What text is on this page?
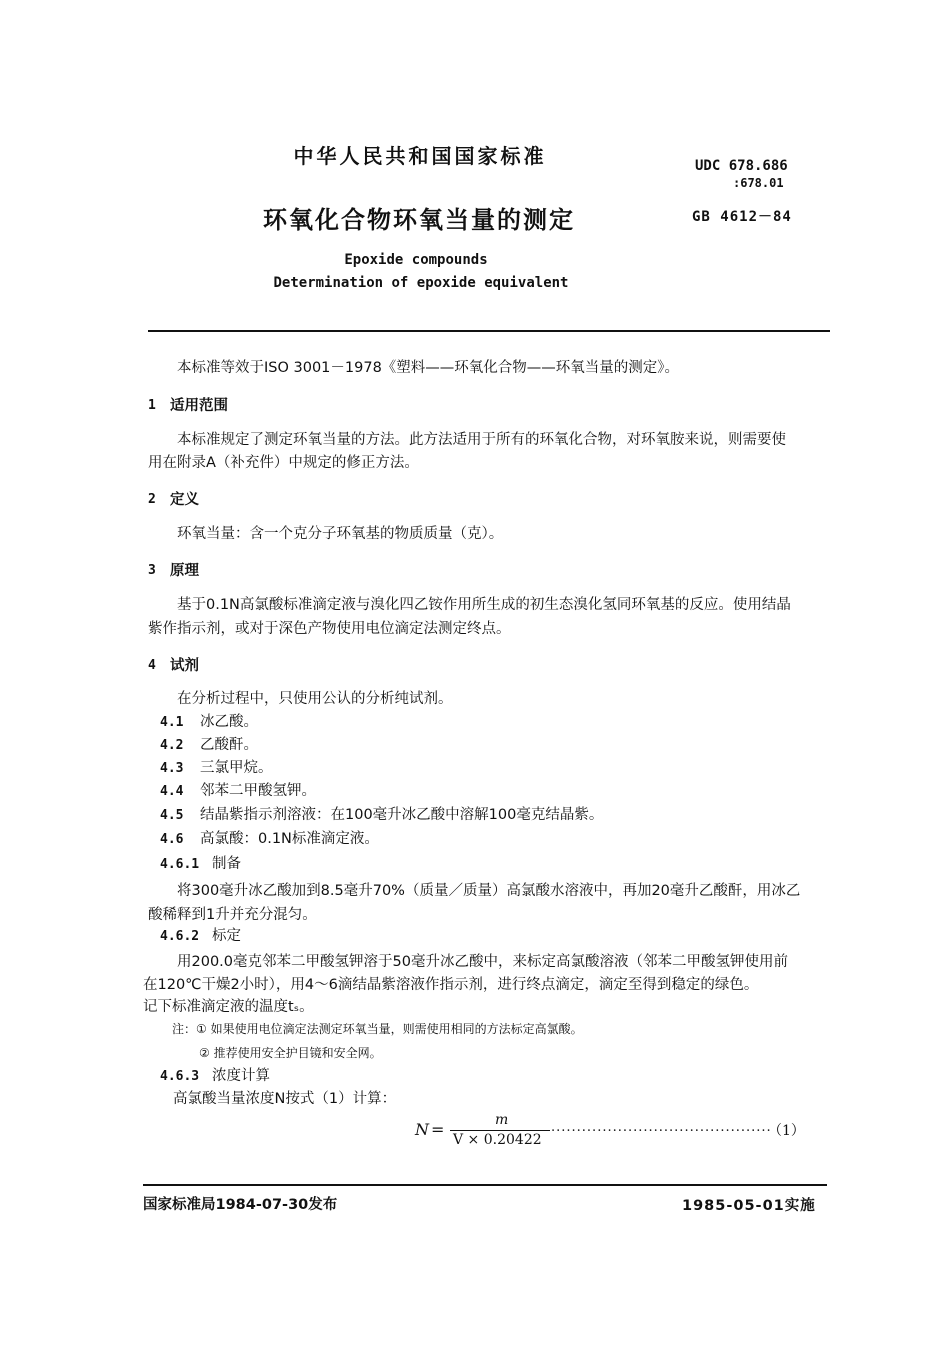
中华人民共和国国家标准	UDC 678.686
:678.01
环氧化合物环氧当量的测定	GB 4612－84
Epoxide compounds
Determination of epoxide equivalent
本标准等效于ISO 3001－1978《塑料——环氧化合物——环氧当量的测定》。
1 适用范围
本标准规定了测定环氧当量的方法。此方法适用于所有的环氧化合物，对环氧胺来说，则需要使
用在附录A（补充件）中规定的修正方法。
2 定义
环氧当量：含一个克分子环氧基的物质质量（克）。
3 原理
基于0.1N高氯酸标准滴定液与溴化四乙铵作用所生成的初生态溴化氢同环氧基的反应。使用结晶
紫作指示剂，或对于深色产物使用电位滴定法测定终点。
4 试剂
在分析过程中，只使用公认的分析纯试剂。
4.1 冰乙酸。
4.2 乙酸酐。
4.3 三氯甲烷。
4.4 邻苯二甲酸氢钾。
4.5 结晶紫指示剂溶液：在100毫升冰乙酸中溶解100毫克结晶紫。
4.6 高氯酸：0.1N标准滴定液。
4.6.1 制备
将300毫升冰乙酸加到8.5毫升70%（质量／质量）高氯酸水溶液中，再加20毫升乙酸酐，用冰乙
酸稀释到1升并充分混匀。
4.6.2 标定
用200.0毫克邻苯二甲酸氢钾溶于50毫升冰乙酸中，来标定高氯酸溶液（邻苯二甲酸氢钾使用前
在120℃干燥2小时），用4～6滴结晶紫溶液作指示剂，进行终点滴定，滴定至得到稳定的绿色。
记下标准滴定液的温度tₛ。
注：① 如果使用电位滴定法测定环氧当量，则需使用相同的方法标定高氯酸。
② 推荐使用安全护目镜和安全网。
4.6.3 浓度计算
高氯酸当量浓度N按式（1）计算：
N =	m
V × 0.20422
...........................................
（1）
国家标准局1984-07-30发布	1985-05-01实施
